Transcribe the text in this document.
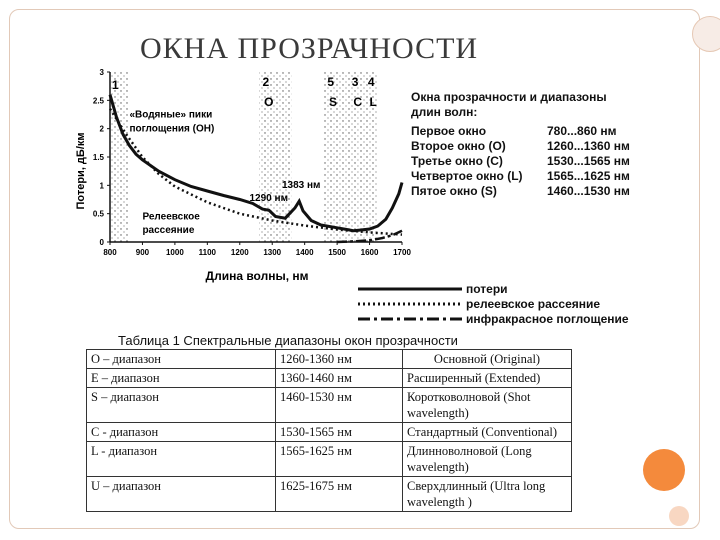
ОКНА ПРОЗРАЧНОСТИ
0
0.5
1
1.5
2
2.5
3
800 900 1000 1100 1200 1300 1400 1500 1600 1700
1	2
O
5
S
3
C
4
L
«Водяные» пики
поглощения (ОН)
1290 нм
1383 нм
Релеевское
рассеяние
Потери, дБ/км
Длина волны, нм
Окна прозрачности и диапазоны длин волн:
Первое окно	780...860 нм
Второе окно (О)	1260...1360 нм
Третье окно (С)	1530...1565 нм
Четвертое окно (L)	1565...1625 нм
Пятое окно (S)	1460...1530 нм
потери
релеевское рассеяние
инфракрасное поглощение
Таблица 1 Спектральные диапазоны окон прозрачности
О – диапазон	1260-1360 нм	Основной (Original)
E – диапазон	1360-1460 нм	Расширенный (Extended)
S – диапазон	1460-1530 нм	Коротковолновой (Shot wavelength)
C - диапазон	1530-1565 нм	Стандартный (Conventional)
L - диапазон	1565-1625 нм	Длинноволновой (Long wavelength)
U – диапазон	1625-1675 нм	Сверхдлинный (Ultra long wavelength )
